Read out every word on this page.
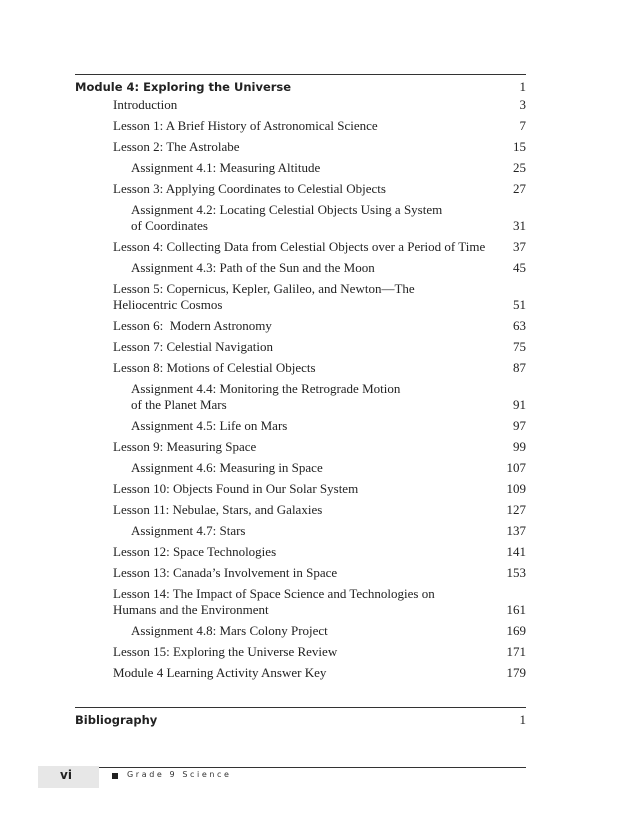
Module 4: Exploring the Universe	1
Introduction	3
Lesson 1: A Brief History of Astronomical Science	7
Lesson 2: The Astrolabe	15
Assignment 4.1: Measuring Altitude	25
Lesson 3: Applying Coordinates to Celestial Objects	27
Assignment 4.2: Locating Celestial Objects Using a System
of Coordinates	31
Lesson 4: Collecting Data from Celestial Objects over a Period of Time	37
Assignment 4.3: Path of the Sun and the Moon	45
Lesson 5: Copernicus, Kepler, Galileo, and Newton—The
Heliocentric Cosmos	51
Lesson 6:  Modern Astronomy	63
Lesson 7: Celestial Navigation	75
Lesson 8: Motions of Celestial Objects	87
Assignment 4.4: Monitoring the Retrograde Motion
of the Planet Mars	91
Assignment 4.5: Life on Mars	97
Lesson 9: Measuring Space	99
Assignment 4.6: Measuring in Space	107
Lesson 10: Objects Found in Our Solar System	109
Lesson 11: Nebulae, Stars, and Galaxies	127
Assignment 4.7: Stars	137
Lesson 12: Space Technologies	141
Lesson 13: Canada’s Involvement in Space	153
Lesson 14: The Impact of Space Science and Technologies on
Humans and the Environment	161
Assignment 4.8: Mars Colony Project	169
Lesson 15: Exploring the Universe Review	171
Module 4 Learning Activity Answer Key	179
Bibliography	1
vi	Grade 9 Science
